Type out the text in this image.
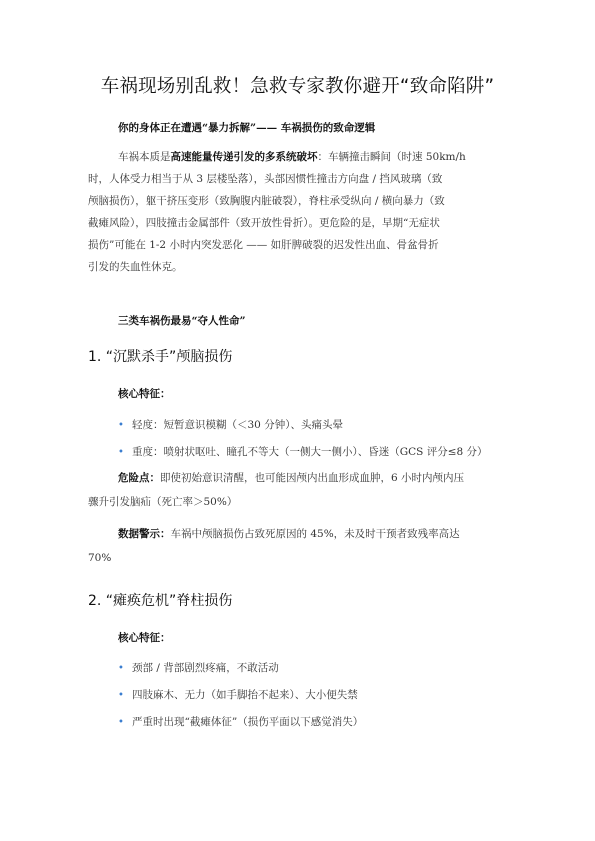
车祸现场别乱救！急救专家教你避开“致命陷阱”
你的身体正在遭遇“暴力拆解”—— 车祸损伤的致命逻辑
车祸本质是高速能量传递引发的多系统破坏：车辆撞击瞬间（时速 50km/h
时，人体受力相当于从 3 层楼坠落），头部因惯性撞击方向盘 / 挡风玻璃（致
颅脑损伤），躯干挤压变形（致胸腹内脏破裂），脊柱承受纵向 / 横向暴力（致
截瘫风险），四肢撞击金属部件（致开放性骨折）。更危险的是，早期“无症状
损伤”可能在 1-2 小时内突发恶化 —— 如肝脾破裂的迟发性出血、骨盆骨折
引发的失血性休克。
三类车祸伤最易“夺人性命”
1. “沉默杀手”颅脑损伤
核心特征：
• 轻度：短暂意识模糊（＜30 分钟）、头痛头晕
• 重度：喷射状呕吐、瞳孔不等大（一侧大一侧小）、昏迷（GCS 评分≤8 分）
危险点：即使初始意识清醒，也可能因颅内出血形成血肿，6 小时内颅内压
骤升引发脑疝（死亡率＞50%）
数据警示：车祸中颅脑损伤占致死原因的 45%，未及时干预者致残率高达
70%
2. “瘫痪危机”脊柱损伤
核心特征：
• 颈部 / 背部剧烈疼痛，不敢活动
• 四肢麻木、无力（如手脚抬不起来）、大小便失禁
• 严重时出现“截瘫体征”（损伤平面以下感觉消失）
